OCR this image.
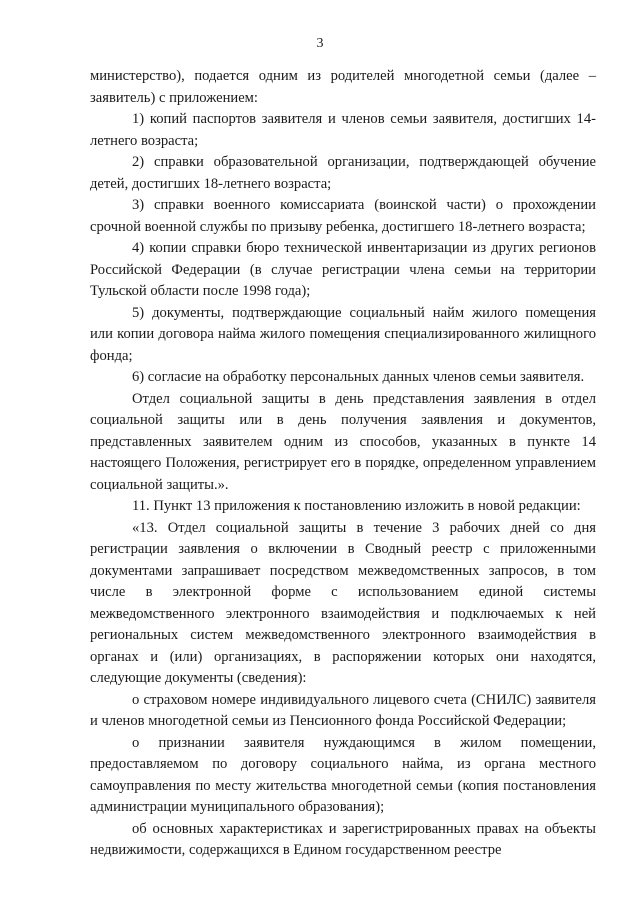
3

министерство), подается одним из родителей многодетной семьи (далее – заявитель) с приложением:

1) копий паспортов заявителя и членов семьи заявителя, достигших 14-летнего возраста;

2) справки образовательной организации, подтверждающей обучение детей, достигших 18-летнего возраста;

3) справки военного комиссариата (воинской части) о прохождении срочной военной службы по призыву ребенка, достигшего 18-летнего возраста;

4) копии справки бюро технической инвентаризации из других регионов Российской Федерации (в случае регистрации члена семьи на территории Тульской области после 1998 года);

5) документы, подтверждающие социальный найм жилого помещения или копии договора найма жилого помещения специализированного жилищного фонда;

6) согласие на обработку персональных данных членов семьи заявителя.

Отдел социальной защиты в день представления заявления в отдел социальной защиты или в день получения заявления и документов, представленных заявителем одним из способов, указанных в пункте 14 настоящего Положения, регистрирует его в порядке, определенном управлением социальной защиты.».

11. Пункт 13 приложения к постановлению изложить в новой редакции:

«13. Отдел социальной защиты в течение 3 рабочих дней со дня регистрации заявления о включении в Сводный реестр с приложенными документами запрашивает посредством межведомственных запросов, в том числе в электронной форме с использованием единой системы межведомственного электронного взаимодействия и подключаемых к ней региональных систем межведомственного электронного взаимодействия в органах и (или) организациях, в распоряжении которых они находятся, следующие документы (сведения):

о страховом номере индивидуального лицевого счета (СНИЛС) заявителя и членов многодетной семьи из Пенсионного фонда Российской Федерации;

о признании заявителя нуждающимся в жилом помещении, предоставляемом по договору социального найма, из органа местного самоуправления по месту жительства многодетной семьи (копия постановления администрации муниципального образования);

об основных характеристиках и зарегистрированных правах на объекты недвижимости, содержащихся в Едином государственном реестре
